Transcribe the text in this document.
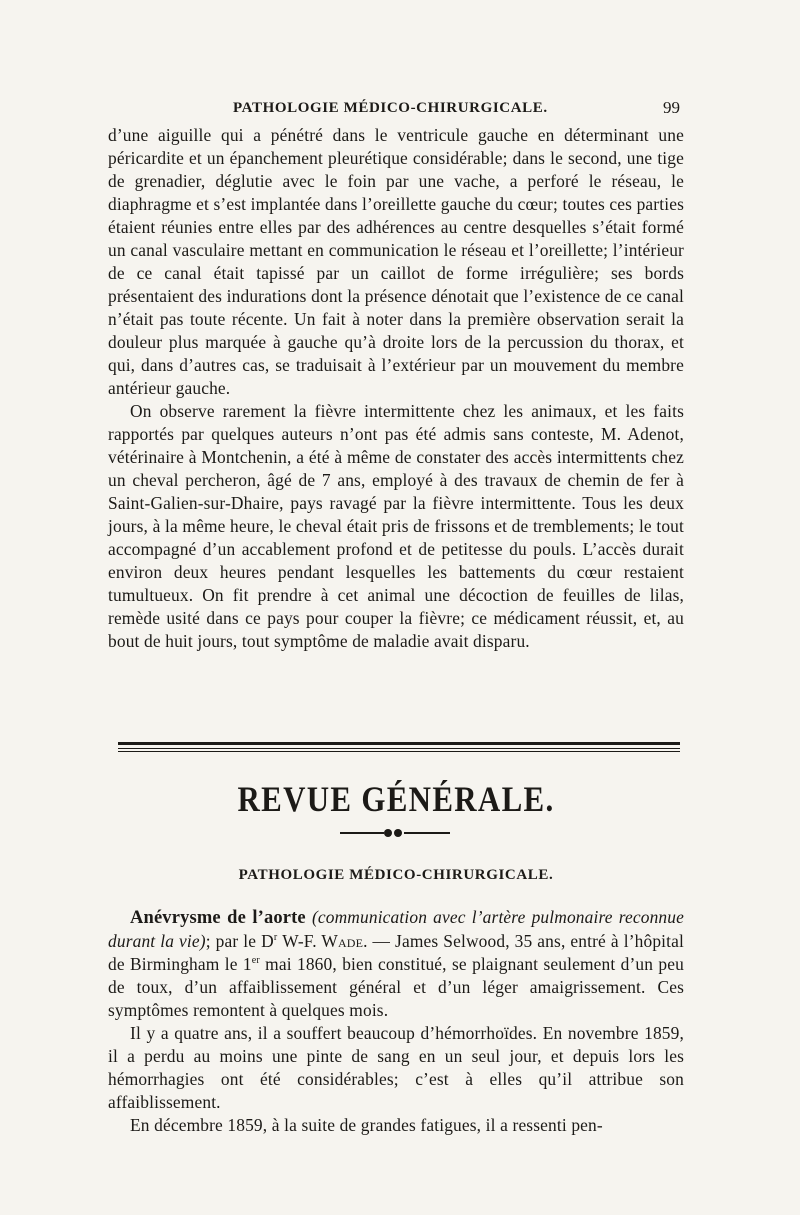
PATHOLOGIE MÉDICO-CHIRURGICALE.	99

d’une aiguille qui a pénétré dans le ventricule gauche en déterminant une péricardite et un épanchement pleurétique considérable; dans le second, une tige de grenadier, déglutie avec le foin par une vache, a perforé le réseau, le diaphragme et s’est implantée dans l’oreillette gauche du cœur; toutes ces parties étaient réunies entre elles par des adhérences au centre desquelles s’était formé un canal vasculaire mettant en communication le réseau et l’oreillette; l’intérieur de ce canal était tapissé par un caillot de forme irrégulière; ses bords présentaient des indurations dont la présence dénotait que l’existence de ce canal n’était pas toute récente. Un fait à noter dans la première observation serait la douleur plus marquée à gauche qu’à droite lors de la percussion du thorax, et qui, dans d’autres cas, se traduisait à l’extérieur par un mouvement du membre antérieur gauche.

On observe rarement la fièvre intermittente chez les animaux, et les faits rapportés par quelques auteurs n’ont pas été admis sans conteste, M. Adenot, vétérinaire à Montchenin, a été à même de constater des accès intermittents chez un cheval percheron, âgé de 7 ans, employé à des travaux de chemin de fer à Saint-Galien-sur-Dhaire, pays ravagé par la fièvre intermittente. Tous les deux jours, à la même heure, le cheval était pris de frissons et de tremblements; le tout accompagné d’un accablement profond et de petitesse du pouls. L’accès durait environ deux heures pendant lesquelles les battements du cœur restaient tumultueux. On fit prendre à cet animal une décoction de feuilles de lilas, remède usité dans ce pays pour couper la fièvre; ce médicament réussit, et, au bout de huit jours, tout symptôme de maladie avait disparu.

REVUE GÉNÉRALE.
PATHOLOGIE MÉDICO-CHIRURGICALE.

Anévrysme de l’aorte (communication avec l’artère pulmonaire reconnue durant la vie); par le $D^r$ W-F. Wade. — James Selwood, 35 ans, entré à l’hôpital de Birmingham le 1er mai 1860, bien constitué, se plaignant seulement d’un peu de toux, d’un affaiblissement général et d’un léger amaigrissement. Ces symptômes remontent à quelques mois.

Il y a quatre ans, il a souffert beaucoup d’hémorrhoïdes. En novembre 1859, il a perdu au moins une pinte de sang en un seul jour, et depuis lors les hémorrhagies ont été considérables; c’est à elles qu’il attribue son affaiblissement.

En décembre 1859, à la suite de grandes fatigues, il a ressenti pen-
